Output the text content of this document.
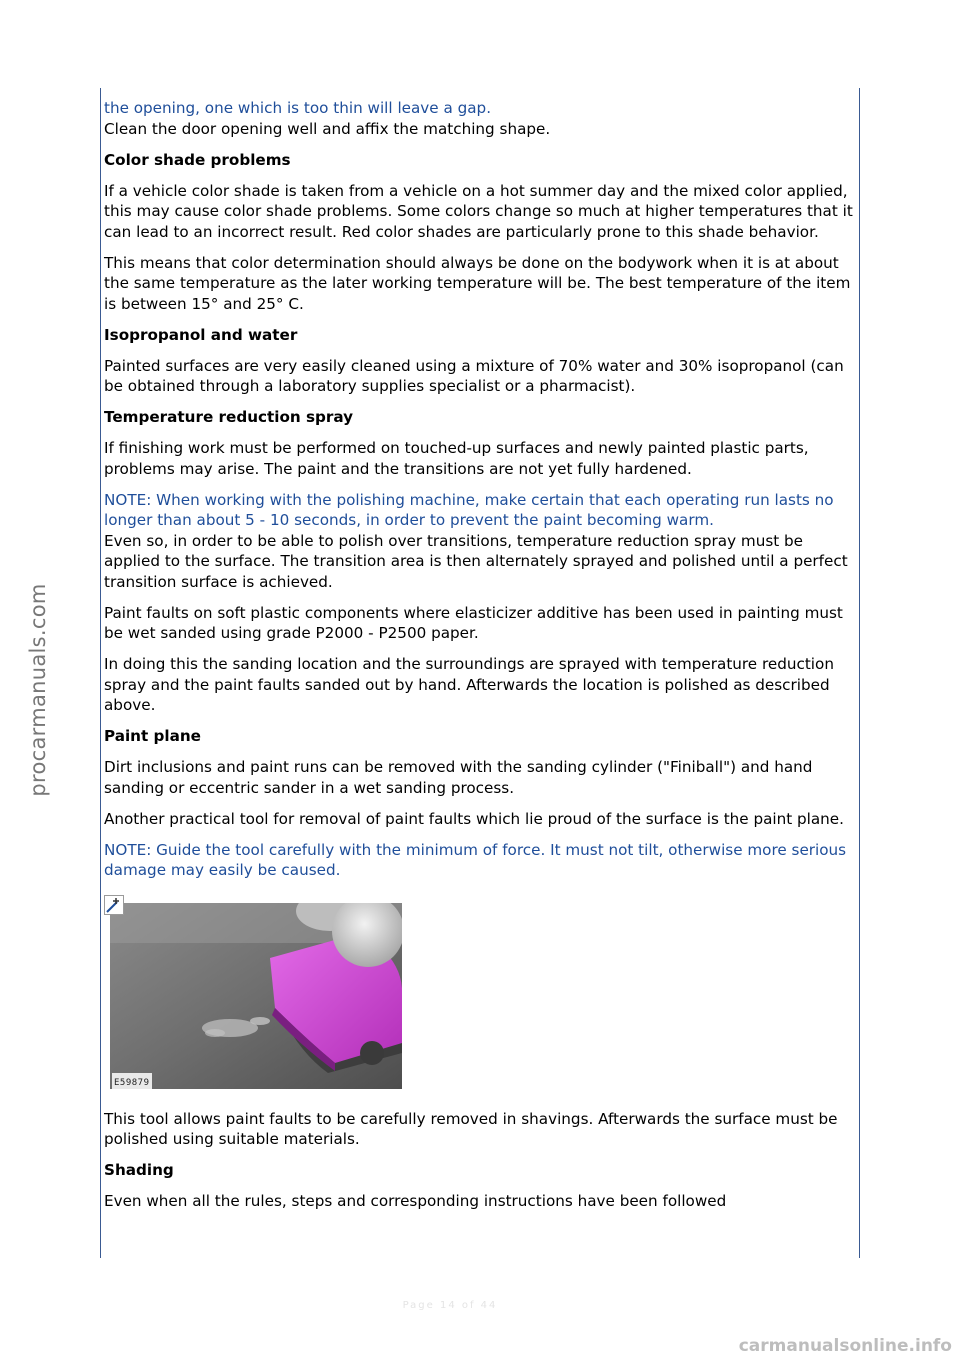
procarmanuals.com

the opening, one which is too thin will leave a gap.

Clean the door opening well and affix the matching shape.

Color shade problems

If a vehicle color shade is taken from a vehicle on a hot summer day and the mixed color applied, this may cause color shade problems. Some colors change so much at higher temperatures that it can lead to an incorrect result. Red color shades are particularly prone to this shade behavior.

This means that color determination should always be done on the bodywork when it is at about the same temperature as the later working temperature will be. The best temperature of the item is between 15° and 25° C.

Isopropanol and water

Painted surfaces are very easily cleaned using a mixture of 70% water and 30% isopropanol (can be obtained through a laboratory supplies specialist or a pharmacist).

Temperature reduction spray

If finishing work must be performed on touched-up surfaces and newly painted plastic parts, problems may arise. The paint and the transitions are not yet fully hardened.

NOTE: When working with the polishing machine, make certain that each operating run lasts no longer than about 5 - 10 seconds, in order to prevent the paint becoming warm.

Even so, in order to be able to polish over transitions, temperature reduction spray must be applied to the surface. The transition area is then alternately sprayed and polished until a perfect transition surface is achieved.

Paint faults on soft plastic components where elasticizer additive has been used in painting must be wet sanded using grade P2000 - P2500 paper.

In doing this the sanding location and the surroundings are sprayed with temperature reduction spray and the paint faults sanded out by hand. Afterwards the location is polished as described above.

Paint plane

Dirt inclusions and paint runs can be removed with the sanding cylinder ("Finiball") and hand sanding or eccentric sander in a wet sanding process.

Another practical tool for removal of paint faults which lie proud of the surface is the paint plane.

NOTE: Guide the tool carefully with the minimum of force. It must not tilt, otherwise more serious damage may easily be caused.

E59879

This tool allows paint faults to be carefully removed in shavings. Afterwards the surface must be polished using suitable materials.

Shading

Even when all the rules, steps and corresponding instructions have been followed

Page 14 of 44
carmanualsonline.info
